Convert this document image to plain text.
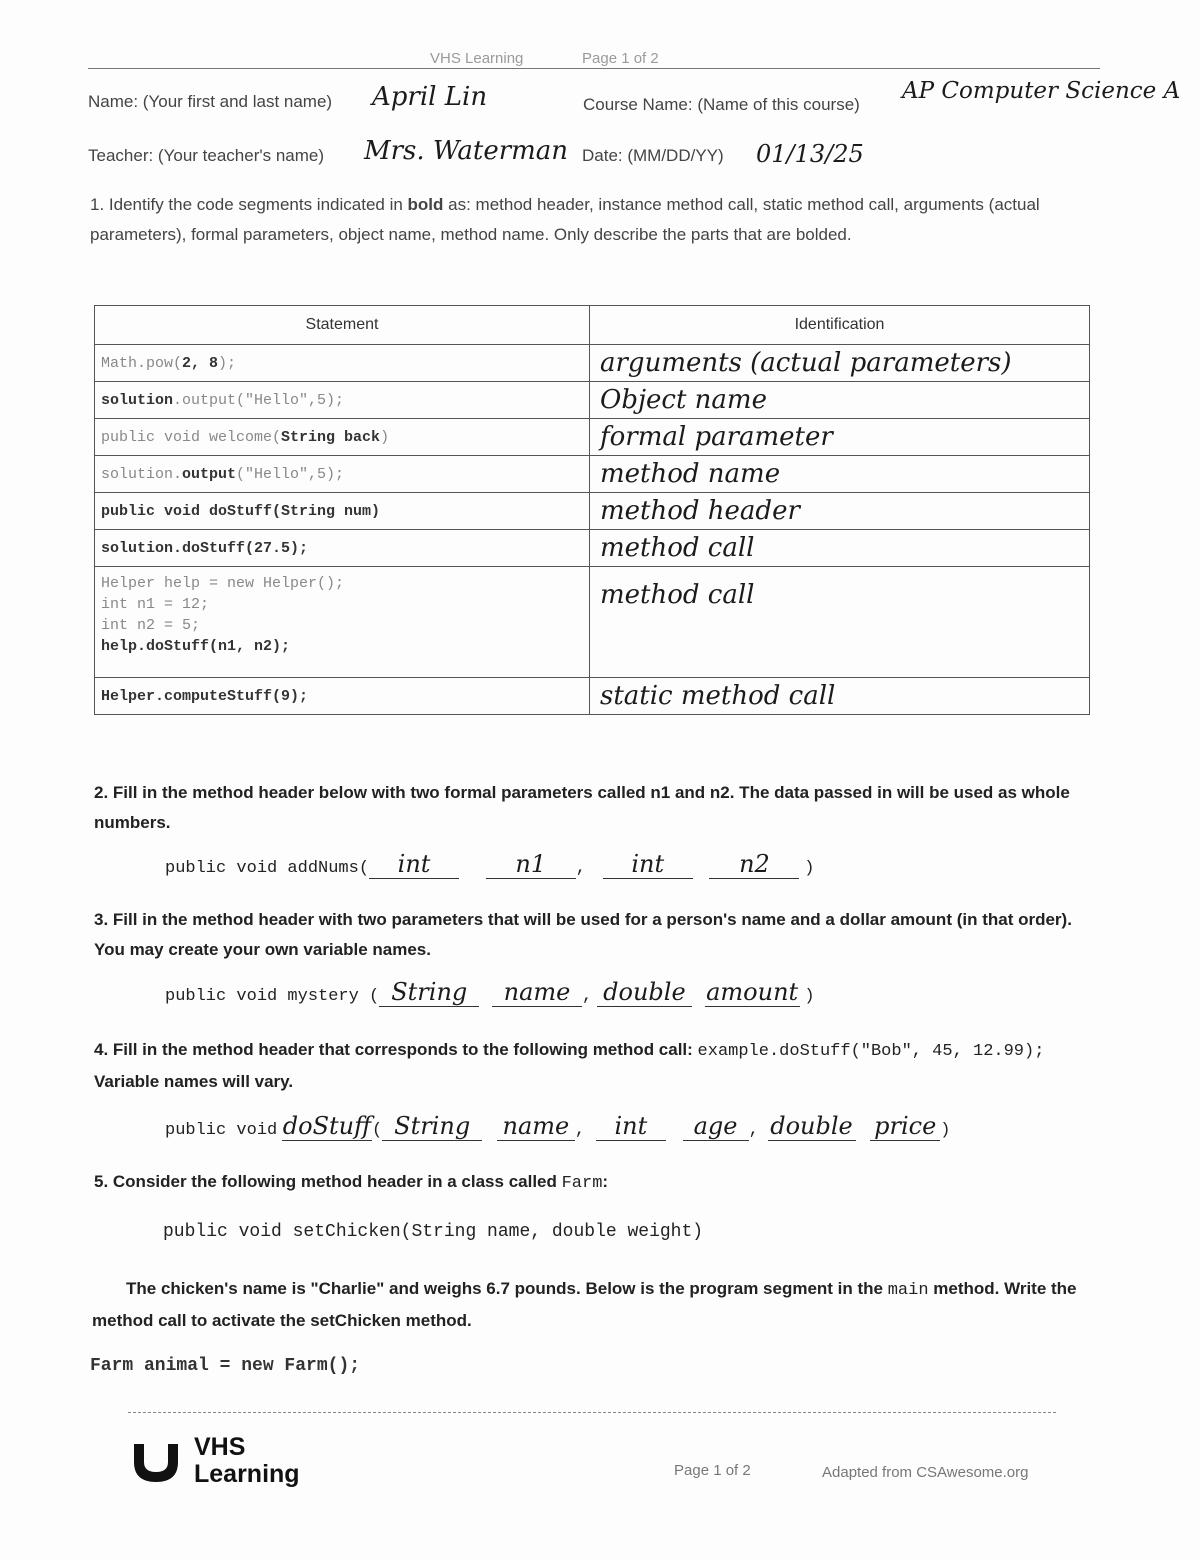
VHS Learning	Page 1 of 2
Name: (Your first and last name) April Lin	Course Name: (Name of this course)
AP Computer Science A
Teacher: (Your teacher's name) Mrs. Waterman Date: (MM/DD/YY) 01/13/25
1. Identify the code segments indicated in bold as: method header, instance method call, static method call, arguments (actual parameters), formal parameters, object name, method name. Only describe the parts that are bolded.
Statement	Identification
Math.pow(2, 8);	arguments (actual parameters)
solution.output("Hello",5);	Object name
public void welcome(String back)	formal parameter
solution.output("Hello",5);	method name
public void doStuff(String num)	method header
solution.doStuff(27.5);	method call

Helper help = new Helper();
int n1 = 12;
int n2 = 5;
help.doStuff(n1, n2);	method call
Helper.computeStuff(9);	static method call
2. Fill in the method header below with two formal parameters called n1 and n2. The data passed in will be used as whole numbers.
public void addNums( int	n1 , int	n2 )
3. Fill in the method header with two parameters that will be used for a person's name and a dollar amount (in that order). You may create your own variable names.
public void mystery ( String name , double amount )
4. Fill in the method header that corresponds to the following method call: example.doStuff("Bob", 45, 12.99); Variable names will vary.
public void doStuff( String name , int age , double price )
5. Consider the following method header in a class called Farm:
public void setChicken(String name, double weight)
The chicken's name is "Charlie" and weighs 6.7 pounds. Below is the program segment in the main method. Write the method call to activate the setChicken method.
Farm animal = new Farm();
VHS
Learning	Page 1 of 2	Adapted from CSAwesome.org
